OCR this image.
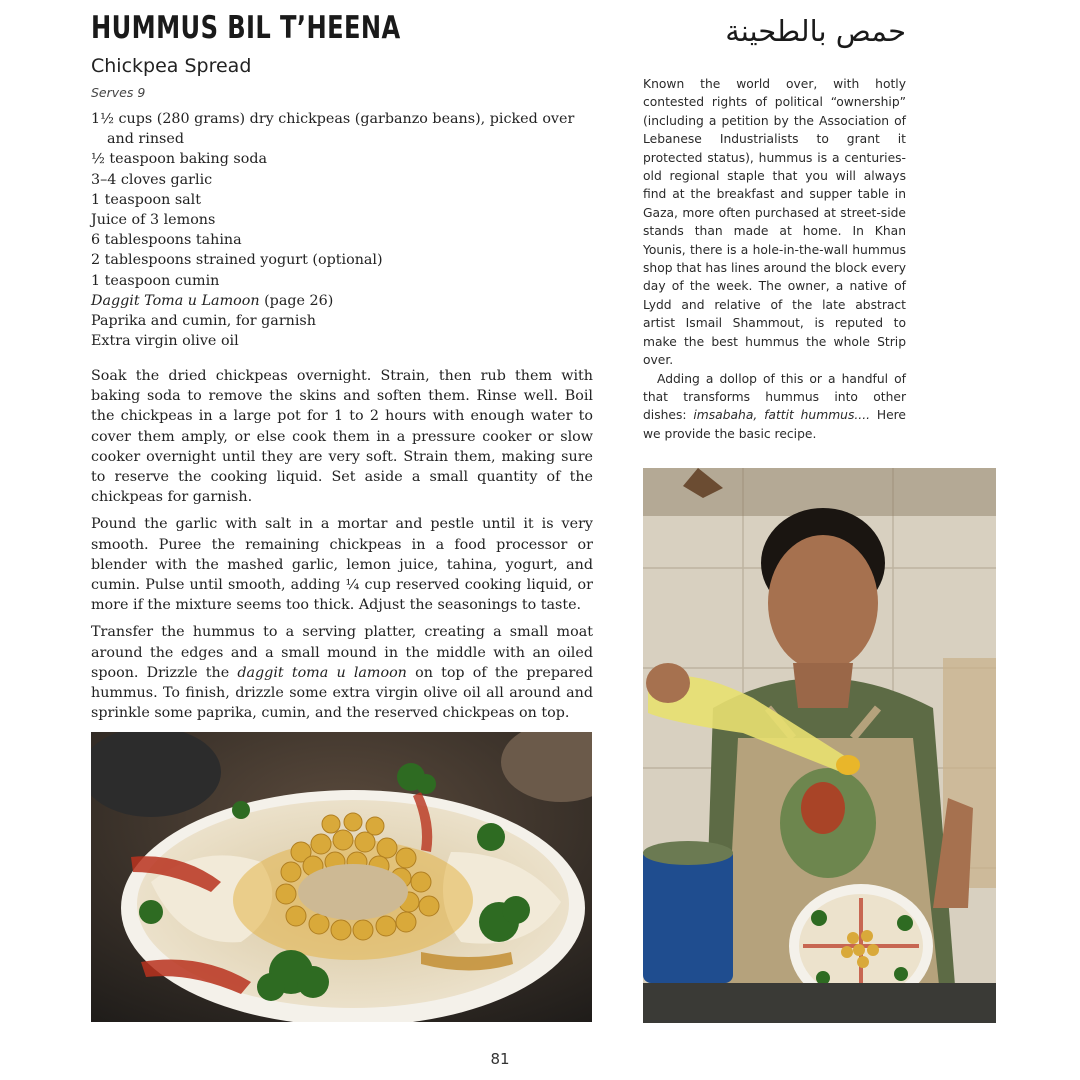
HUMMUS BIL T’HEENA	حمص بالطحينة
Chickpea Spread
Serves 9
1½ cups (280 grams) dry chickpeas (garbanzo beans), picked over and rinsed
½ teaspoon baking soda
3–4 cloves garlic
1 teaspoon salt
Juice of 3 lemons
6 tablespoons tahina
2 tablespoons strained yogurt (optional)
1 teaspoon cumin
Daggit Toma u Lamoon (page 26)
Paprika and cumin, for garnish
Extra virgin olive oil

Soak the dried chickpeas overnight. Strain, then rub them with baking soda to remove the skins and soften them. Rinse well. Boil the chickpeas in a large pot for 1 to 2 hours with enough water to cover them amply, or else cook them in a pressure cooker or slow cooker overnight until they are very soft. Strain them, making sure to reserve the cooking liquid. Set aside a small quantity of the chickpeas for garnish.

Pound the garlic with salt in a mortar and pestle until it is very smooth. Puree the remaining chickpeas in a food processor or blender with the mashed garlic, lemon juice, tahina, yogurt, and cumin. Pulse until smooth, adding ¼ cup reserved cooking liquid, or more if the mixture seems too thick. Adjust the seasonings to taste.

Transfer the hummus to a serving platter, creating a small moat around the edges and a small mound in the middle with an oiled spoon. Drizzle the daggit toma u lamoon on top of the prepared hummus. To finish, drizzle some extra virgin olive oil all around and sprinkle some paprika, cumin, and the reserved chickpeas on top.

Known the world over, with hotly contested rights of political “ownership” (including a petition by the Association of Lebanese Industrialists to grant it protected status), hummus is a centuries-old regional staple that you will always find at the breakfast and supper table in Gaza, more often purchased at street-side stands than made at home. In Khan Younis, there is a hole-in-the-wall hummus shop that has lines around the block every day of the week. The owner, a native of Lydd and relative of the late abstract artist Ismail Shammout, is reputed to make the best hummus the whole Strip over.

Adding a dollop of this or a handful of that transforms hummus into other dishes: imsabaha, fattit hummus.... Here we provide the basic recipe.

81
